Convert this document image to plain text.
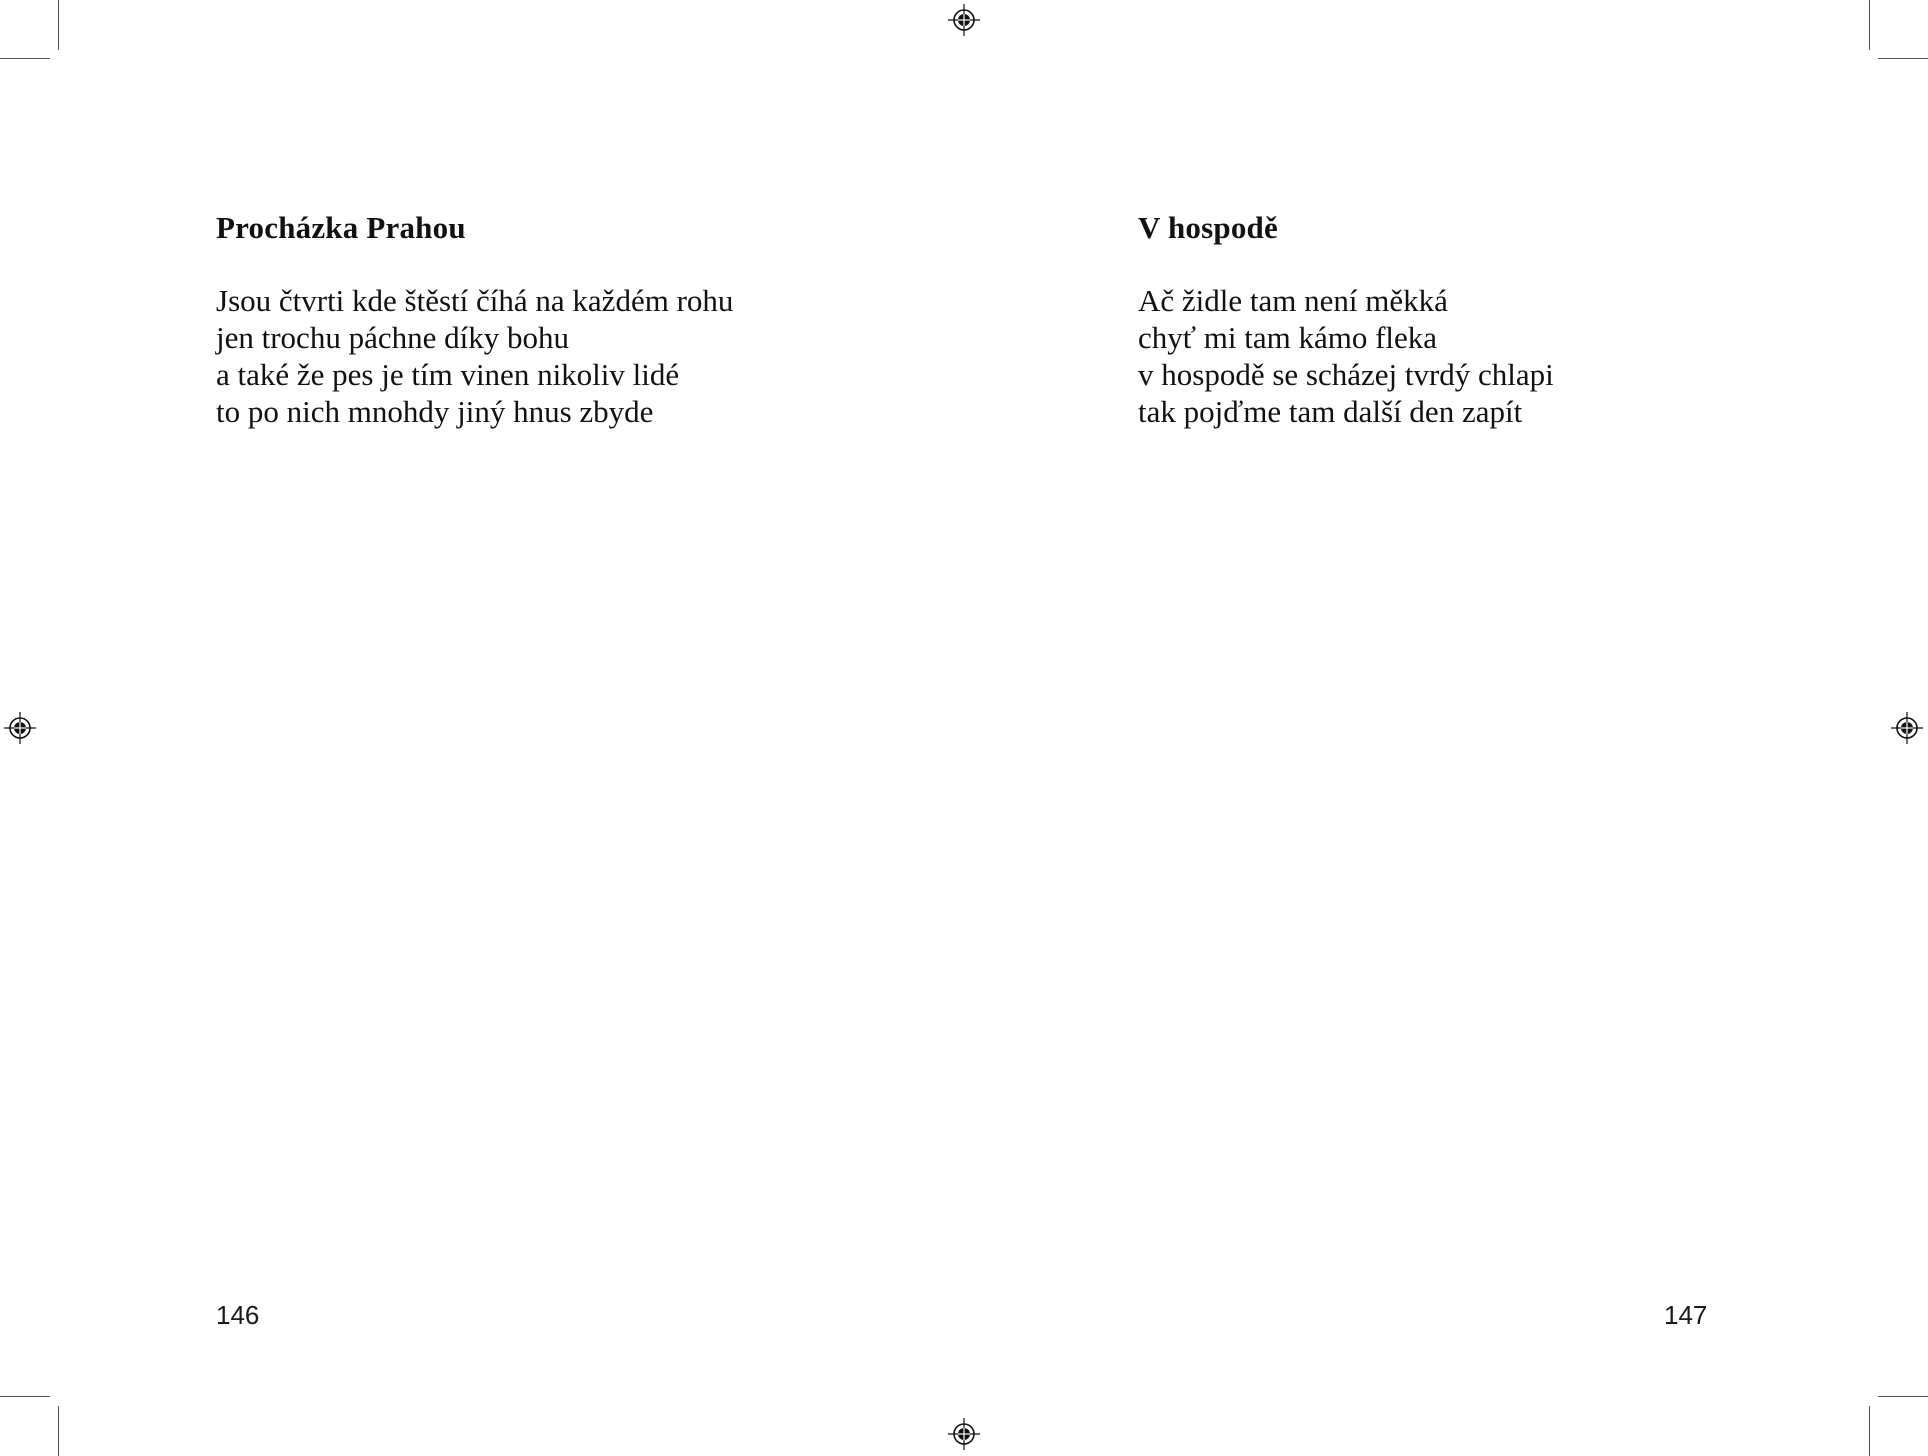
Procházka Prahou
Jsou čtvrti kde štěstí číhá na každém rohu
jen trochu páchne díky bohu
a také že pes je tím vinen nikoliv lidé
to po nich mnohdy jiný hnus zbyde
146
V hospodě
Ač židle tam není měkká
chyť mi tam kámo fleka
v hospodě se scházej tvrdý chlapi
tak pojďme tam další den zapít
147
